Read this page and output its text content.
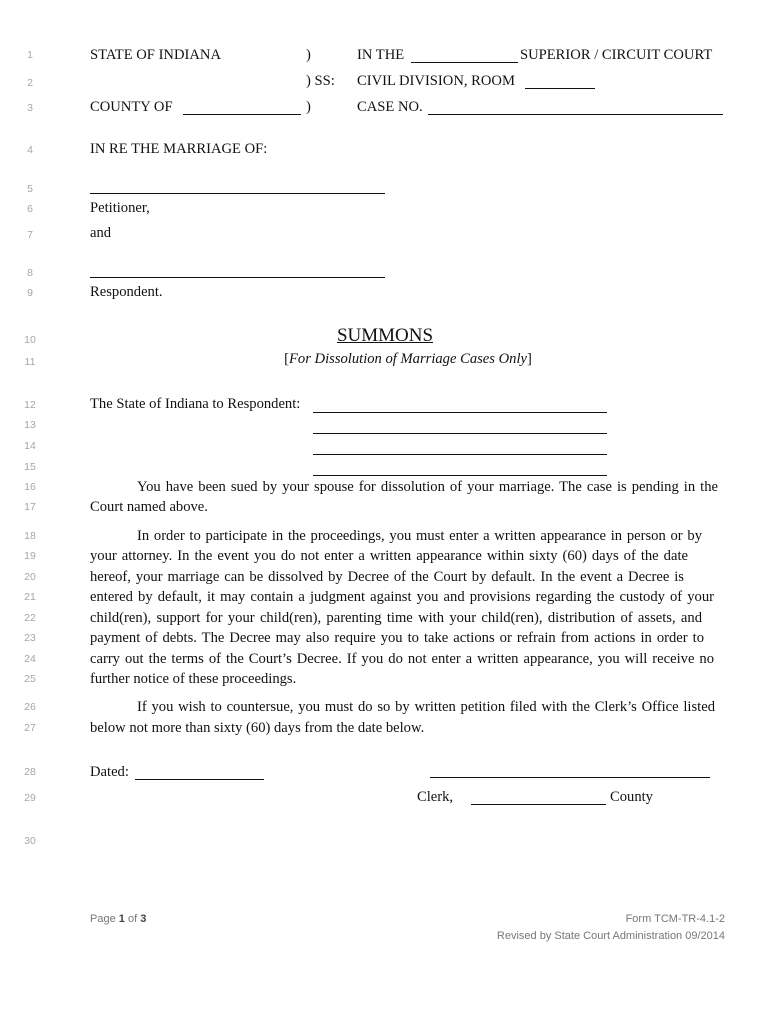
1
2
3
4
5
6
7
8
9
10
11
12
13
14
15
16
17
18
19
20
21
22
23
24
25
26
27
28
29
30
STATE OF INDIANA	)	IN THE	SUPERIOR / CIRCUIT COURT
) SS: CIVIL DIVISION, ROOM
COUNTY OF	)	CASE NO.
IN RE THE MARRIAGE OF:
Petitioner,
and
Respondent.
SUMMONS
[For Dissolution of Marriage Cases Only]
The State of Indiana to Respondent:
You have been sued by your spouse for dissolution of your marriage. The case is pending in the
Court named above.
In order to participate in the proceedings, you must enter a written appearance in person or by
your attorney. In the event you do not enter a written appearance within sixty (60) days of the date
hereof, your marriage can be dissolved by Decree of the Court by default. In the event a Decree is
entered by default, it may contain a judgment against you and provisions regarding the custody of your
child(ren), support for your child(ren), parenting time with your child(ren), distribution of assets, and
payment of debts. The Decree may also require you to take actions or refrain from actions in order to
carry out the terms of the Court’s Decree. If you do not enter a written appearance, you will receive no
further notice of these proceedings.
If you wish to countersue, you must do so by written petition filed with the Clerk’s Office listed
below not more than sixty (60) days from the date below.
Dated:
Clerk,	County
Page 1 of 3	Form TCM-TR-4.1-2
Revised by State Court Administration 09/2014
